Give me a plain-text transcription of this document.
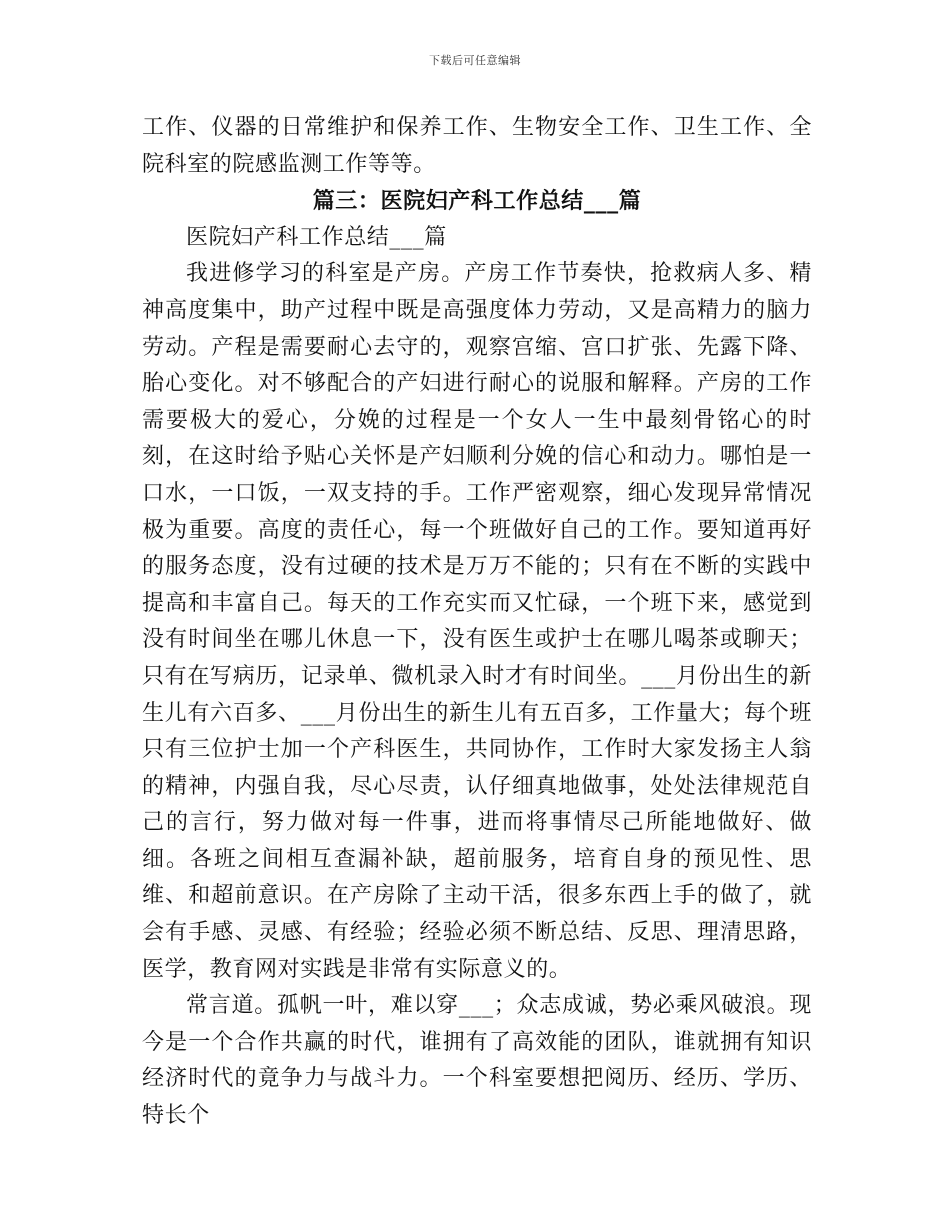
下载后可任意编辑

工作、仪器的日常维护和保养工作、生物安全工作、卫生工作、全院科室的院感监测工作等等。

篇三：医院妇产科工作总结___篇

医院妇产科工作总结___篇

我进修学习的科室是产房。产房工作节奏快，抢救病人多、精神高度集中，助产过程中既是高强度体力劳动，又是高精力的脑力劳动。产程是需要耐心去守的，观察宫缩、宫口扩张、先露下降、胎心变化。对不够配合的产妇进行耐心的说服和解释。产房的工作需要极大的爱心，分娩的过程是一个女人一生中最刻骨铭心的时刻，在这时给予贴心关怀是产妇顺利分娩的信心和动力。哪怕是一口水，一口饭，一双支持的手。工作严密观察，细心发现异常情况极为重要。高度的责任心，每一个班做好自己的工作。要知道再好的服务态度，没有过硬的技术是万万不能的；只有在不断的实践中提高和丰富自己。每天的工作充实而又忙碌，一个班下来，感觉到没有时间坐在哪儿休息一下，没有医生或护士在哪儿喝茶或聊天；只有在写病历，记录单、微机录入时才有时间坐。___月份出生的新生儿有六百多、___月份出生的新生儿有五百多，工作量大；每个班只有三位护士加一个产科医生，共同协作，工作时大家发扬主人翁的精神，内强自我，尽心尽责，认仔细真地做事，处处法律规范自己的言行，努力做对每一件事，进而将事情尽己所能地做好、做细。各班之间相互查漏补缺，超前服务，培育自身的预见性、思维、和超前意识。在产房除了主动干活，很多东西上手的做了，就会有手感、灵感、有经验；经验必须不断总结、反思、理清思路，医学，教育网对实践是非常有实际意义的。

常言道。孤帆一叶，难以穿___；众志成诚，势必乘风破浪。现今是一个合作共赢的时代，谁拥有了高效能的团队，谁就拥有知识经济时代的竟争力与战斗力。一个科室要想把阅历、经历、学历、特长个
